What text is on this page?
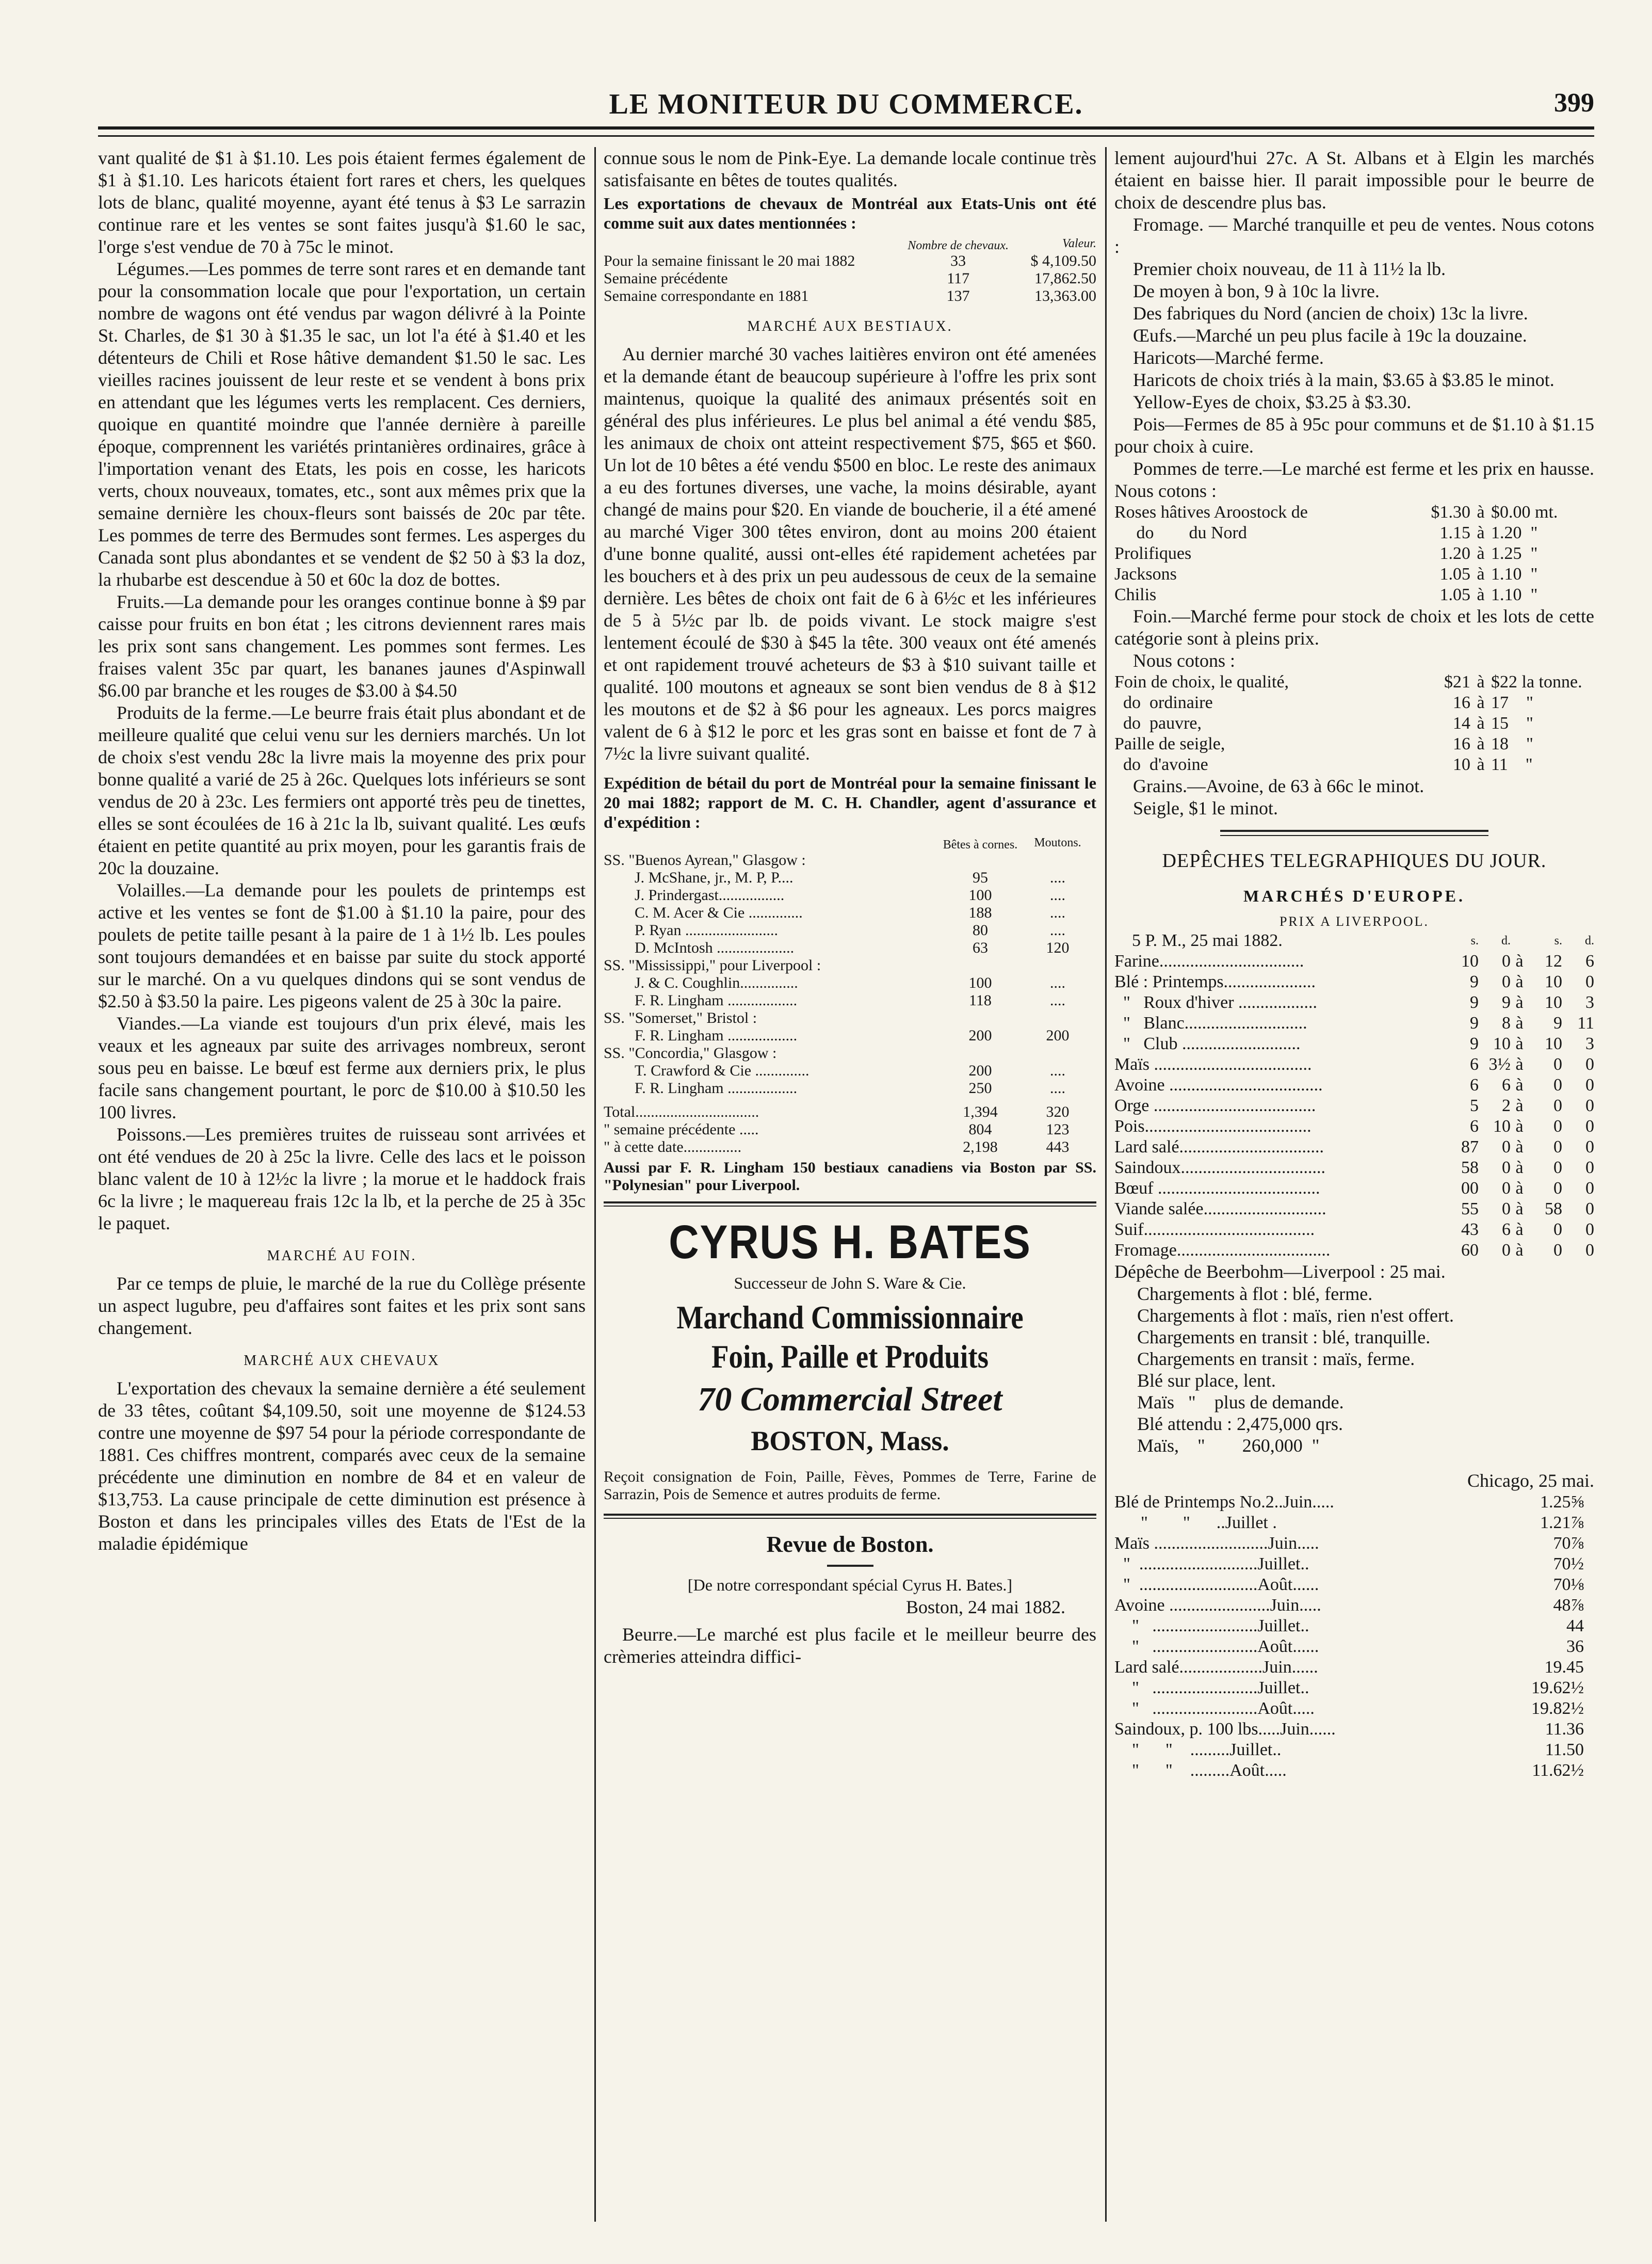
LE MONITEUR DU COMMERCE.	399

vant qualité de $1 à $1.10. Les pois étaient fermes également de $1 à $1.10. Les haricots étaient fort rares et chers, les quelques lots de blanc, qualité moyenne, ayant été tenus à $3 Le sarrazin continue rare et les ventes se sont faites jusqu'à $1.60 le sac, l'orge s'est vendue de 70 à 75c le minot.

Légumes.—Les pommes de terre sont rares et en demande tant pour la consommation locale que pour l'exportation, un certain nombre de wagons ont été vendus par wagon délivré à la Pointe St. Charles, de $1 30 à $1.35 le sac, un lot l'a été à $1.40 et les détenteurs de Chili et Rose hâtive demandent $1.50 le sac. Les vieilles racines jouissent de leur reste et se vendent à bons prix en attendant que les légumes verts les remplacent. Ces derniers, quoique en quantité moindre que l'année dernière à pareille époque, comprennent les variétés printanières ordinaires, grâce à l'importation venant des Etats, les pois en cosse, les haricots verts, choux nouveaux, tomates, etc., sont aux mêmes prix que la semaine dernière les choux-fleurs sont baissés de 20c par tête. Les pommes de terre des Bermudes sont fermes. Les asperges du Canada sont plus abondantes et se vendent de $2 50 à $3 la doz, la rhubarbe est descendue à 50 et 60c la doz de bottes.

Fruits.—La demande pour les oranges continue bonne à $9 par caisse pour fruits en bon état ; les citrons deviennent rares mais les prix sont sans changement. Les pommes sont fermes. Les fraises valent 35c par quart, les bananes jaunes d'Aspinwall $6.00 par branche et les rouges de $3.00 à $4.50

Produits de la ferme.—Le beurre frais était plus abondant et de meilleure qualité que celui venu sur les derniers marchés. Un lot de choix s'est vendu 28c la livre mais la moyenne des prix pour bonne qualité a varié de 25 à 26c. Quelques lots inférieurs se sont vendus de 20 à 23c. Les fermiers ont apporté très peu de tinettes, elles se sont écoulées de 16 à 21c la lb, suivant qualité. Les œufs étaient en petite quantité au prix moyen, pour les garantis frais de 20c la douzaine.

Volailles.—La demande pour les poulets de printemps est active et les ventes se font de $1.00 à $1.10 la paire, pour des poulets de petite taille pesant à la paire de 1 à 1½ lb. Les poules sont toujours demandées et en baisse par suite du stock apporté sur le marché. On a vu quelques dindons qui se sont vendus de $2.50 à $3.50 la paire. Les pigeons valent de 25 à 30c la paire.

Viandes.—La viande est toujours d'un prix élevé, mais les veaux et les agneaux par suite des arrivages nombreux, seront sous peu en baisse. Le bœuf est ferme aux derniers prix, le plus facile sans changement pourtant, le porc de $10.00 à $10.50 les 100 livres.

Poissons.—Les premières truites de ruisseau sont arrivées et ont été vendues de 20 à 25c la livre. Celle des lacs et le poisson blanc valent de 10 à 12½c la livre ; la morue et le haddock frais 6c la livre ; le maquereau frais 12c la lb, et la perche de 25 à 35c le paquet.

MARCHÉ AU FOIN.

Par ce temps de pluie, le marché de la rue du Collège présente un aspect lugubre, peu d'affaires sont faites et les prix sont sans changement.

MARCHÉ AUX CHEVAUX

L'exportation des chevaux la semaine dernière a été seulement de 33 têtes, coûtant $4,109.50, soit une moyenne de $124.53 contre une moyenne de $97 54 pour la période correspondante de 1881. Ces chiffres montrent, comparés avec ceux de la semaine précédente une diminution en nombre de 84 et en valeur de $13,753. La cause principale de cette diminution est présence à Boston et dans les principales villes des Etats de l'Est de la maladie épidémique

connue sous le nom de Pink-Eye. La demande locale continue très satisfaisante en bêtes de toutes qualités.

Les exportations de chevaux de Montréal aux Etats-Unis ont été comme suit aux dates mentionnées :
	Nombre de chevaux.	Valeur.
Pour la semaine finissant le 20 mai 1882	33	$ 4,109.50
Semaine précédente	117	17,862.50
Semaine correspondante en 1881	137	13,363.00
MARCHÉ AUX BESTIAUX.

Au dernier marché 30 vaches laitières environ ont été amenées et la demande étant de beaucoup supérieure à l'offre les prix sont maintenus, quoique la qualité des animaux présentés soit en général des plus inférieures. Le plus bel animal a été vendu $85, les animaux de choix ont atteint respectivement $75, $65 et $60. Un lot de 10 bêtes a été vendu $500 en bloc. Le reste des animaux a eu des fortunes diverses, une vache, la moins désirable, ayant changé de mains pour $20. En viande de boucherie, il a été amené au marché Viger 300 têtes environ, dont au moins 200 étaient d'une bonne qualité, aussi ont-elles été rapidement achetées par les bouchers et à des prix un peu audessous de ceux de la semaine dernière. Les bêtes de choix ont fait de 6 à 6½c et les inférieures de 5 à 5½c par lb. de poids vivant. Le stock maigre s'est lentement écoulé de $30 à $45 la tête. 300 veaux ont été amenés et ont rapidement trouvé acheteurs de $3 à $10 suivant taille et qualité. 100 moutons et agneaux se sont bien vendus de 8 à $12 les moutons et de $2 à $6 pour les agneaux. Les porcs maigres valent de 6 à $12 le porc et les gras sont en baisse et font de 7 à 7½c la livre suivant qualité.

Expédition de bétail du port de Montréal pour la semaine finissant le 20 mai 1882; rapport de M. C. H. Chandler, agent d'assurance et d'expédition :
	Bêtes à cornes.	Moutons.
SS. "Buenos Ayrean," Glasgow :		
J. McShane, jr., M. P, P....	95	....
J. Prindergast.................	100	....
C. M. Acer & Cie ..............	188	....
P. Ryan ........................	80	....
D. McIntosh ....................	63	120
SS. "Mississippi," pour Liverpool :		
J. & C. Coughlin...............	100	....
F. R. Lingham ..................	118	....
SS. "Somerset," Bristol :		
F. R. Lingham ..................	200	200
SS. "Concordia," Glasgow :		
T. Crawford & Cie ..............	200	....
F. R. Lingham ..................	250	....
Total................................	1,394	320
" semaine précédente .....	804	123
" à cette date...............	2,198	443

Aussi par F. R. Lingham 150 bestiaux canadiens via Boston par SS. "Polynesian" pour Liverpool.

CYRUS H. BATES
Successeur de John S. Ware & Cie.
Marchand Commissionnaire
Foin, Paille et Produits
70 Commercial Street
BOSTON, Mass.
Reçoit consignation de Foin, Paille, Fèves, Pommes de Terre, Farine de Sarrazin, Pois de Semence et autres produits de ferme.
Revue de Boston.

[De notre correspondant spécial Cyrus H. Bates.]

Boston, 24 mai 1882.

Beurre.—Le marché est plus facile et le meilleur beurre des crèmeries atteindra diffici-

lement aujourd'hui 27c. A St. Albans et à Elgin les marchés étaient en baisse hier. Il parait impossible pour le beurre de choix de descendre plus bas.

Fromage. — Marché tranquille et peu de ventes. Nous cotons :

Premier choix nouveau, de 11 à 11½ la lb.

De moyen à bon, 9 à 10c la livre.

Des fabriques du Nord (ancien de choix) 13c la livre.

Œufs.—Marché un peu plus facile à 19c la douzaine.

Haricots—Marché ferme.

Haricots de choix triés à la main, $3.65 à $3.85 le minot.

Yellow-Eyes de choix, $3.25 à $3.30.

Pois—Fermes de 85 à 95c pour communs et de $1.10 à $1.15 pour choix à cuire.

Pommes de terre.—Le marché est ferme et les prix en hausse. Nous cotons :

Roses hâtives Aroostock de	$1.30	à	$0.00 mt.
do        du Nord	1.15	à	1.20  "
Prolifiques	1.20	à	1.25  "
Jacksons	1.05	à	1.10  "
Chilis	1.05	à	1.10  "

Foin.—Marché ferme pour stock de choix et les lots de cette catégorie sont à pleins prix.

Nous cotons :

Foin de choix, le qualité,	$21	à	$22 la tonne.
do  ordinaire	16	à	17    "
do  pauvre,	14	à	15    "
Paille de seigle,	16	à	18    "
do  d'avoine	10	à	11    "

Grains.—Avoine, de 63 à 66c le minot.

Seigle, $1 le minot.

DEPÊCHES TELEGRAPHIQUES DU JOUR.
MARCHÉS D'EUROPE.
PRIX A LIVERPOOL.
5 P. M., 25 mai 1882.	s.	d.		s.	d.
Farine.................................	10	0	à	12	6
Blé : Printemps.....................	9	0	à	10	0
"   Roux d'hiver ..................	9	9	à	10	3
"   Blanc............................	9	8	à	9	11
"   Club ...........................	9	10	à	10	3
Maïs ....................................	6	3½	à	0	0
Avoine ...................................	6	6	à	0	0
Orge .....................................	5	2	à	0	0
Pois......................................	6	10	à	0	0
Lard salé.................................	87	0	à	0	0
Saindoux.................................	58	0	à	0	0
Bœuf .....................................	00	0	à	0	0
Viande salée............................	55	0	à	58	0
Suif.......................................	43	6	à	0	0
Fromage...................................	60	0	à	0	0

Dépêche de Beerbohm—Liverpool : 25 mai.

Chargements à flot : blé, ferme.
Chargements à flot : maïs, rien n'est offert.
Chargements en transit : blé, tranquille.
Chargements en transit : maïs, ferme.
Blé sur place, lent.
Maïs   "    plus de demande.
Blé attendu : 2,475,000 qrs.
Maïs,    "        260,000  "

Chicago, 25 mai.

Blé de Printemps No.2..Juin.....	1.25⅝
"        "      ..Juillet .	1.21⅞
Maïs ..........................Juin.....	70⅞
"  ...........................Juillet..	70½
"  ...........................Août......	70⅛
Avoine .......................Juin.....	48⅞
"   ........................Juillet..	44
"   ........................Août......	36
Lard salé...................Juin......	19.45
"   ........................Juillet..	19.62½
"   ........................Août.....	19.82½
Saindoux, p. 100 lbs.....Juin......	11.36
"      "    .........Juillet..	11.50
"      "    .........Août.....	11.62½
